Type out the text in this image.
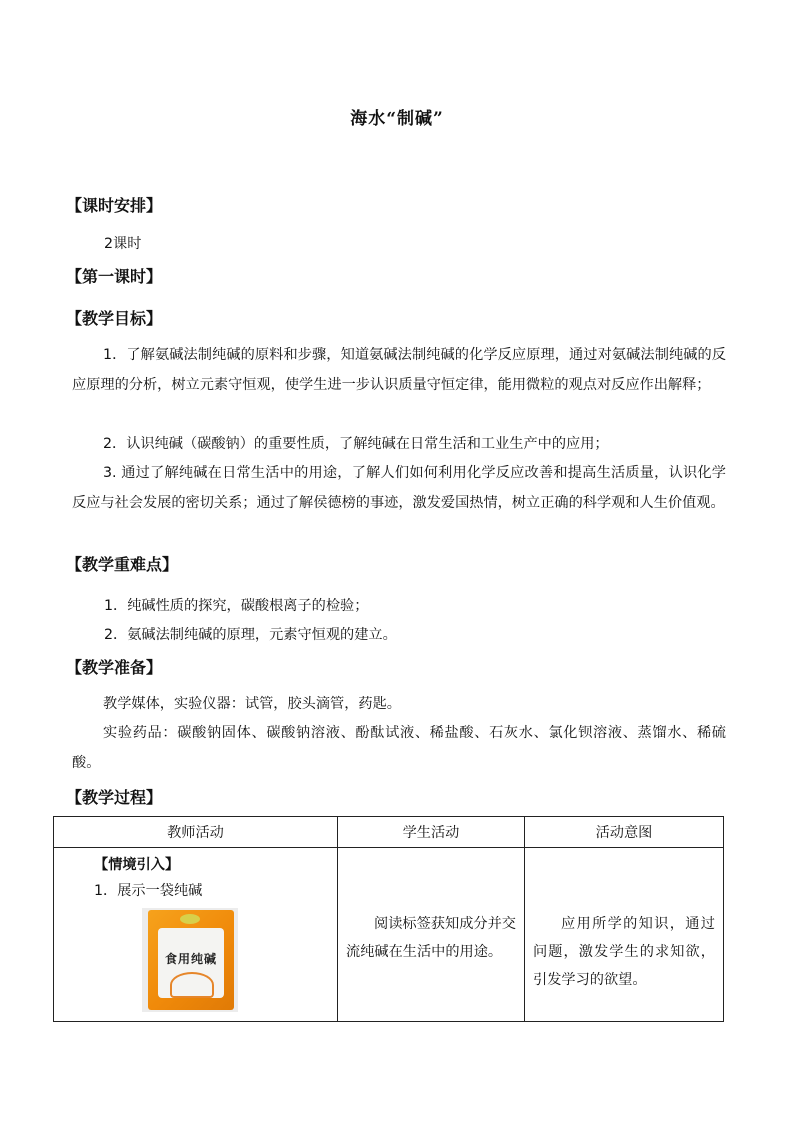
海水“制碱”
【课时安排】
2课时
【第一课时】
【教学目标】
1．了解氨碱法制纯碱的原料和步骤，知道氨碱法制纯碱的化学反应原理，通过对氨碱法制纯碱的反应原理的分析，树立元素守恒观，使学生进一步认识质量守恒定律，能用微粒的观点对反应作出解释；
2．认识纯碱（碳酸钠）的重要性质，了解纯碱在日常生活和工业生产中的应用；
3. 通过了解纯碱在日常生活中的用途，了解人们如何利用化学反应改善和提高生活质量，认识化学反应与社会发展的密切关系；通过了解侯德榜的事迹，激发爱国热情，树立正确的科学观和人生价值观。
【教学重难点】
1．纯碱性质的探究，碳酸根离子的检验；
2．氨碱法制纯碱的原理，元素守恒观的建立。
【教学准备】
教学媒体，实验仪器：试管，胶头滴管，药匙。
实验药品：碳酸钠固体、碳酸钠溶液、酚酞试液、稀盐酸、石灰水、氯化钡溶液、蒸馏水、稀硫酸。
【教学过程】
教师活动	学生活动	活动意图

【情境引入】
1．展示一袋纯碱
食用纯碱	阅读标签获知成分并交流纯碱在生活中的用途。	应用所学的知识，通过问题，激发学生的求知欲，引发学习的欲望。
